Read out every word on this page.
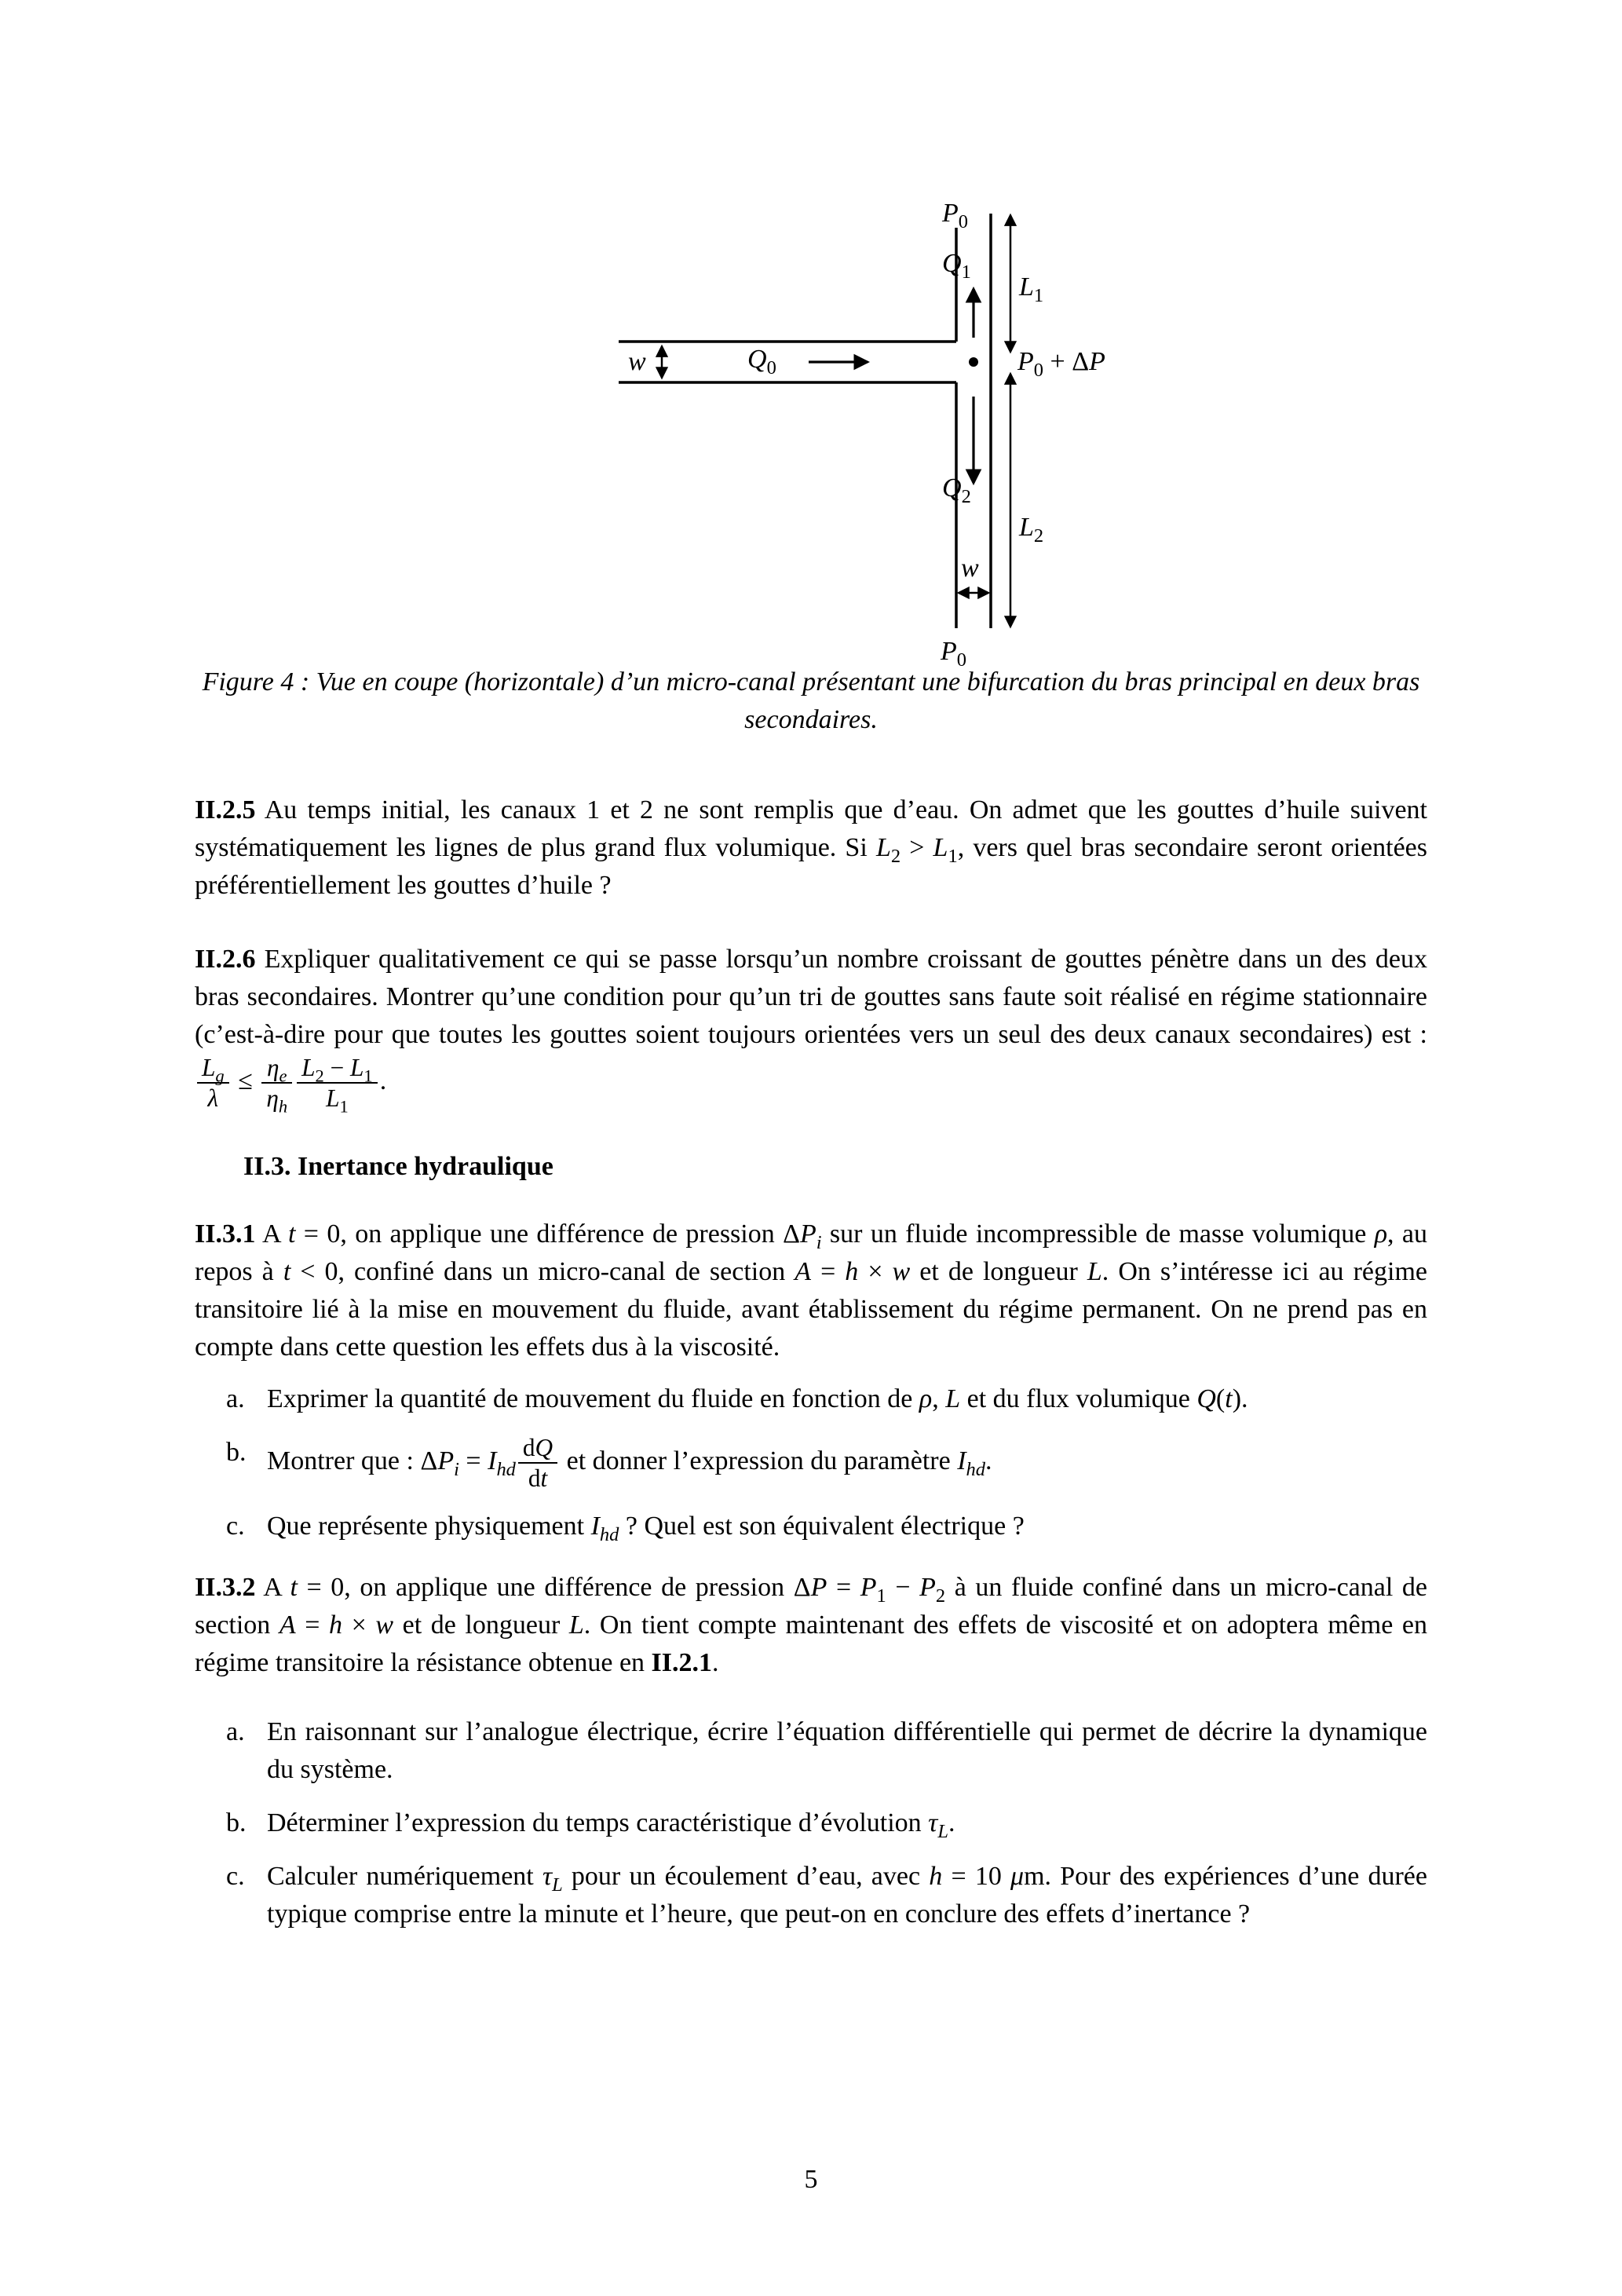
$P_0$
$Q_1$
$L_1$
w	$Q_0$	$P_0 + \Delta P$
$Q_2$
$L_2$
w
$P_0$
Figure 4 : Vue en coupe (horizontale) d’un micro-canal présentant une bifurcation du bras principal en deux bras secondaires.
II.2.5 Au temps initial, les canaux 1 et 2 ne sont remplis que d’eau. On admet que les gouttes d’huile suivent systématiquement les lignes de plus grand flux volumique. Si $L_2 > L_1$, vers quel bras secondaire seront orientées préférentiellement les gouttes d’huile ?
II.2.6 Expliquer qualitativement ce qui se passe lorsqu’un nombre croissant de gouttes pénètre dans un des deux bras secondaires. Montrer qu’une condition pour qu’un tri de gouttes sans faute soit réalisé en régime stationnaire (c’est-à-dire pour que toutes les gouttes soient toujours orientées vers un seul des deux canaux secondaires) est :
$\frac{L_g}{\lambda} \le \frac{\eta_e}{\eta_h} \frac{L_2 - L_1}{L_1}$ .
II.3. Inertance hydraulique
II.3.1 A t = 0, on applique une différence de pression $\Delta P_i$ sur un fluide incompressible de masse volumique ρ, au repos à t < 0, confiné dans un micro-canal de section A = h × w et de longueur L. On s’intéresse ici au régime transitoire lié à la mise en mouvement du fluide, avant établissement du régime permanent. On ne prend pas en compte dans cette question les effets dus à la viscosité.
a. Exprimer la quantité de mouvement du fluide en fonction de ρ, L et du flux volumique Q(t).
b. Montrer que : $\Delta P_i = I_{hd} \frac{dQ}{dt}$ et donner l’expression du paramètre $I_{hd}$.
c. Que représente physiquement $I_{hd}$ ? Quel est son équivalent électrique ?
II.3.2 A t = 0, on applique une différence de pression $\Delta P = P_1 - P_2$ à un fluide confiné dans un micro-canal de section A = h × w et de longueur L. On tient compte maintenant des effets de viscosité et on adoptera même en régime transitoire la résistance obtenue en II.2.1.
a. En raisonnant sur l’analogue électrique, écrire l’équation différentielle qui permet de décrire la dynamique du système.
b. Déterminer l’expression du temps caractéristique d’évolution $\tau_L$.
c. Calculer numériquement $\tau_L$ pour un écoulement d’eau, avec h = 10 μm. Pour des expériences d’une durée typique comprise entre la minute et l’heure, que peut-on en conclure des effets d’inertance ?
5
